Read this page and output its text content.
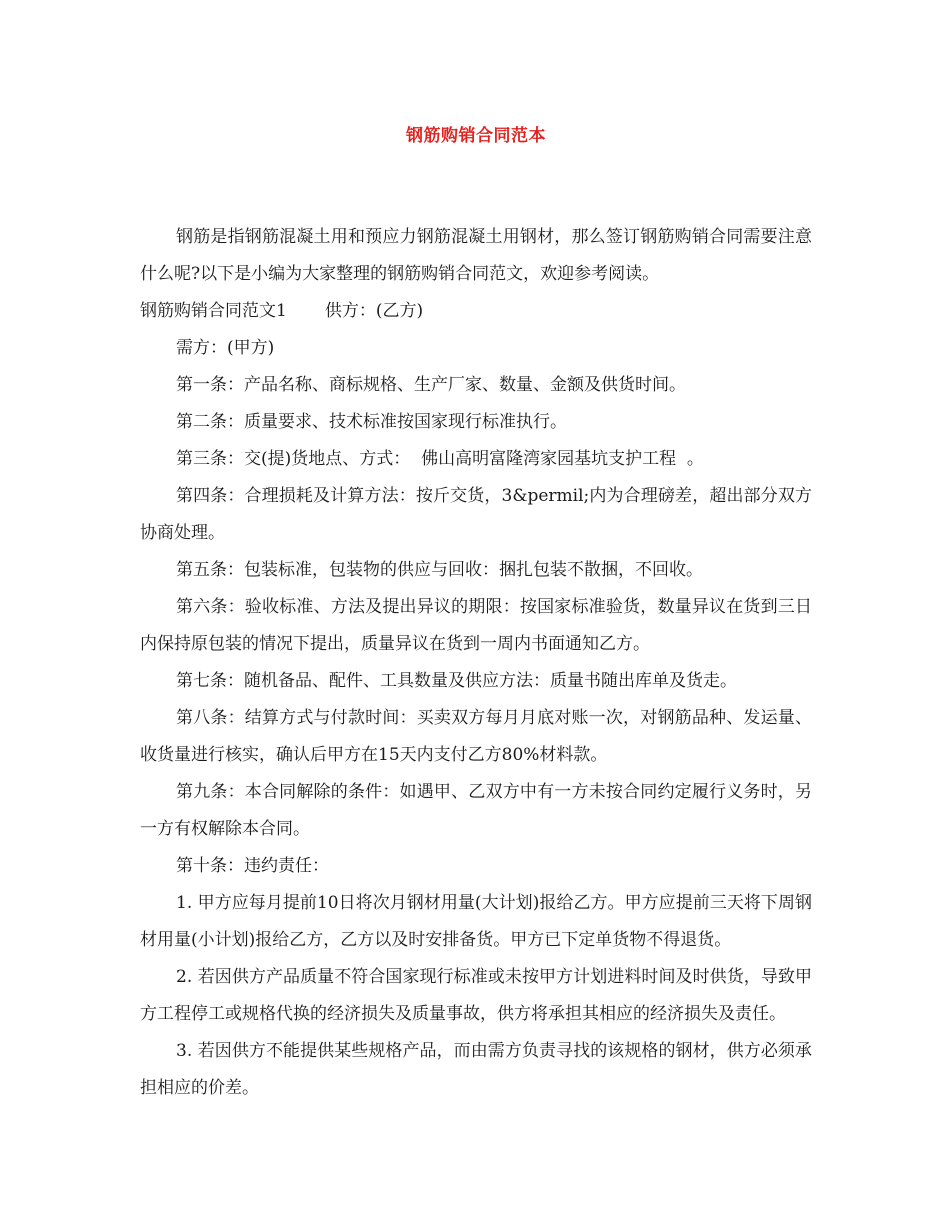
钢筋购销合同范本

钢筋是指钢筋混凝土用和预应力钢筋混凝土用钢材，那么签订钢筋购销合同需要注意什么呢?以下是小编为大家整理的钢筋购销合同范文，欢迎参考阅读。

钢筋购销合同范文1 供方：(乙方)

需方：(甲方)

第一条：产品名称、商标规格、生产厂家、数量、金额及供货时间。

第二条：质量要求、技术标准按国家现行标准执行。

第三条：交(提)货地点、方式：  佛山高明富隆湾家园基坑支护工程  。

第四条：合理损耗及计算方法：按斤交货，3&permil;内为合理磅差，超出部分双方协商处理。

第五条：包装标准，包装物的供应与回收：捆扎包装不散捆，不回收。

第六条：验收标准、方法及提出异议的期限：按国家标准验货，数量异议在货到三日内保持原包装的情况下提出，质量异议在货到一周内书面通知乙方。

第七条：随机备品、配件、工具数量及供应方法：质量书随出库单及货走。

第八条：结算方式与付款时间：买卖双方每月月底对账一次，对钢筋品种、发运量、收货量进行核实，确认后甲方在15天内支付乙方80%材料款。

第九条：本合同解除的条件：如遇甲、乙双方中有一方未按合同约定履行义务时，另一方有权解除本合同。

第十条：违约责任：

1. 甲方应每月提前10日将次月钢材用量(大计划)报给乙方。甲方应提前三天将下周钢材用量(小计划)报给乙方，乙方以及时安排备货。甲方已下定单货物不得退货。

2. 若因供方产品质量不符合国家现行标准或未按甲方计划进料时间及时供货，导致甲方工程停工或规格代换的经济损失及质量事故，供方将承担其相应的经济损失及责任。

3. 若因供方不能提供某些规格产品，而由需方负责寻找的该规格的钢材，供方必须承担相应的价差。
